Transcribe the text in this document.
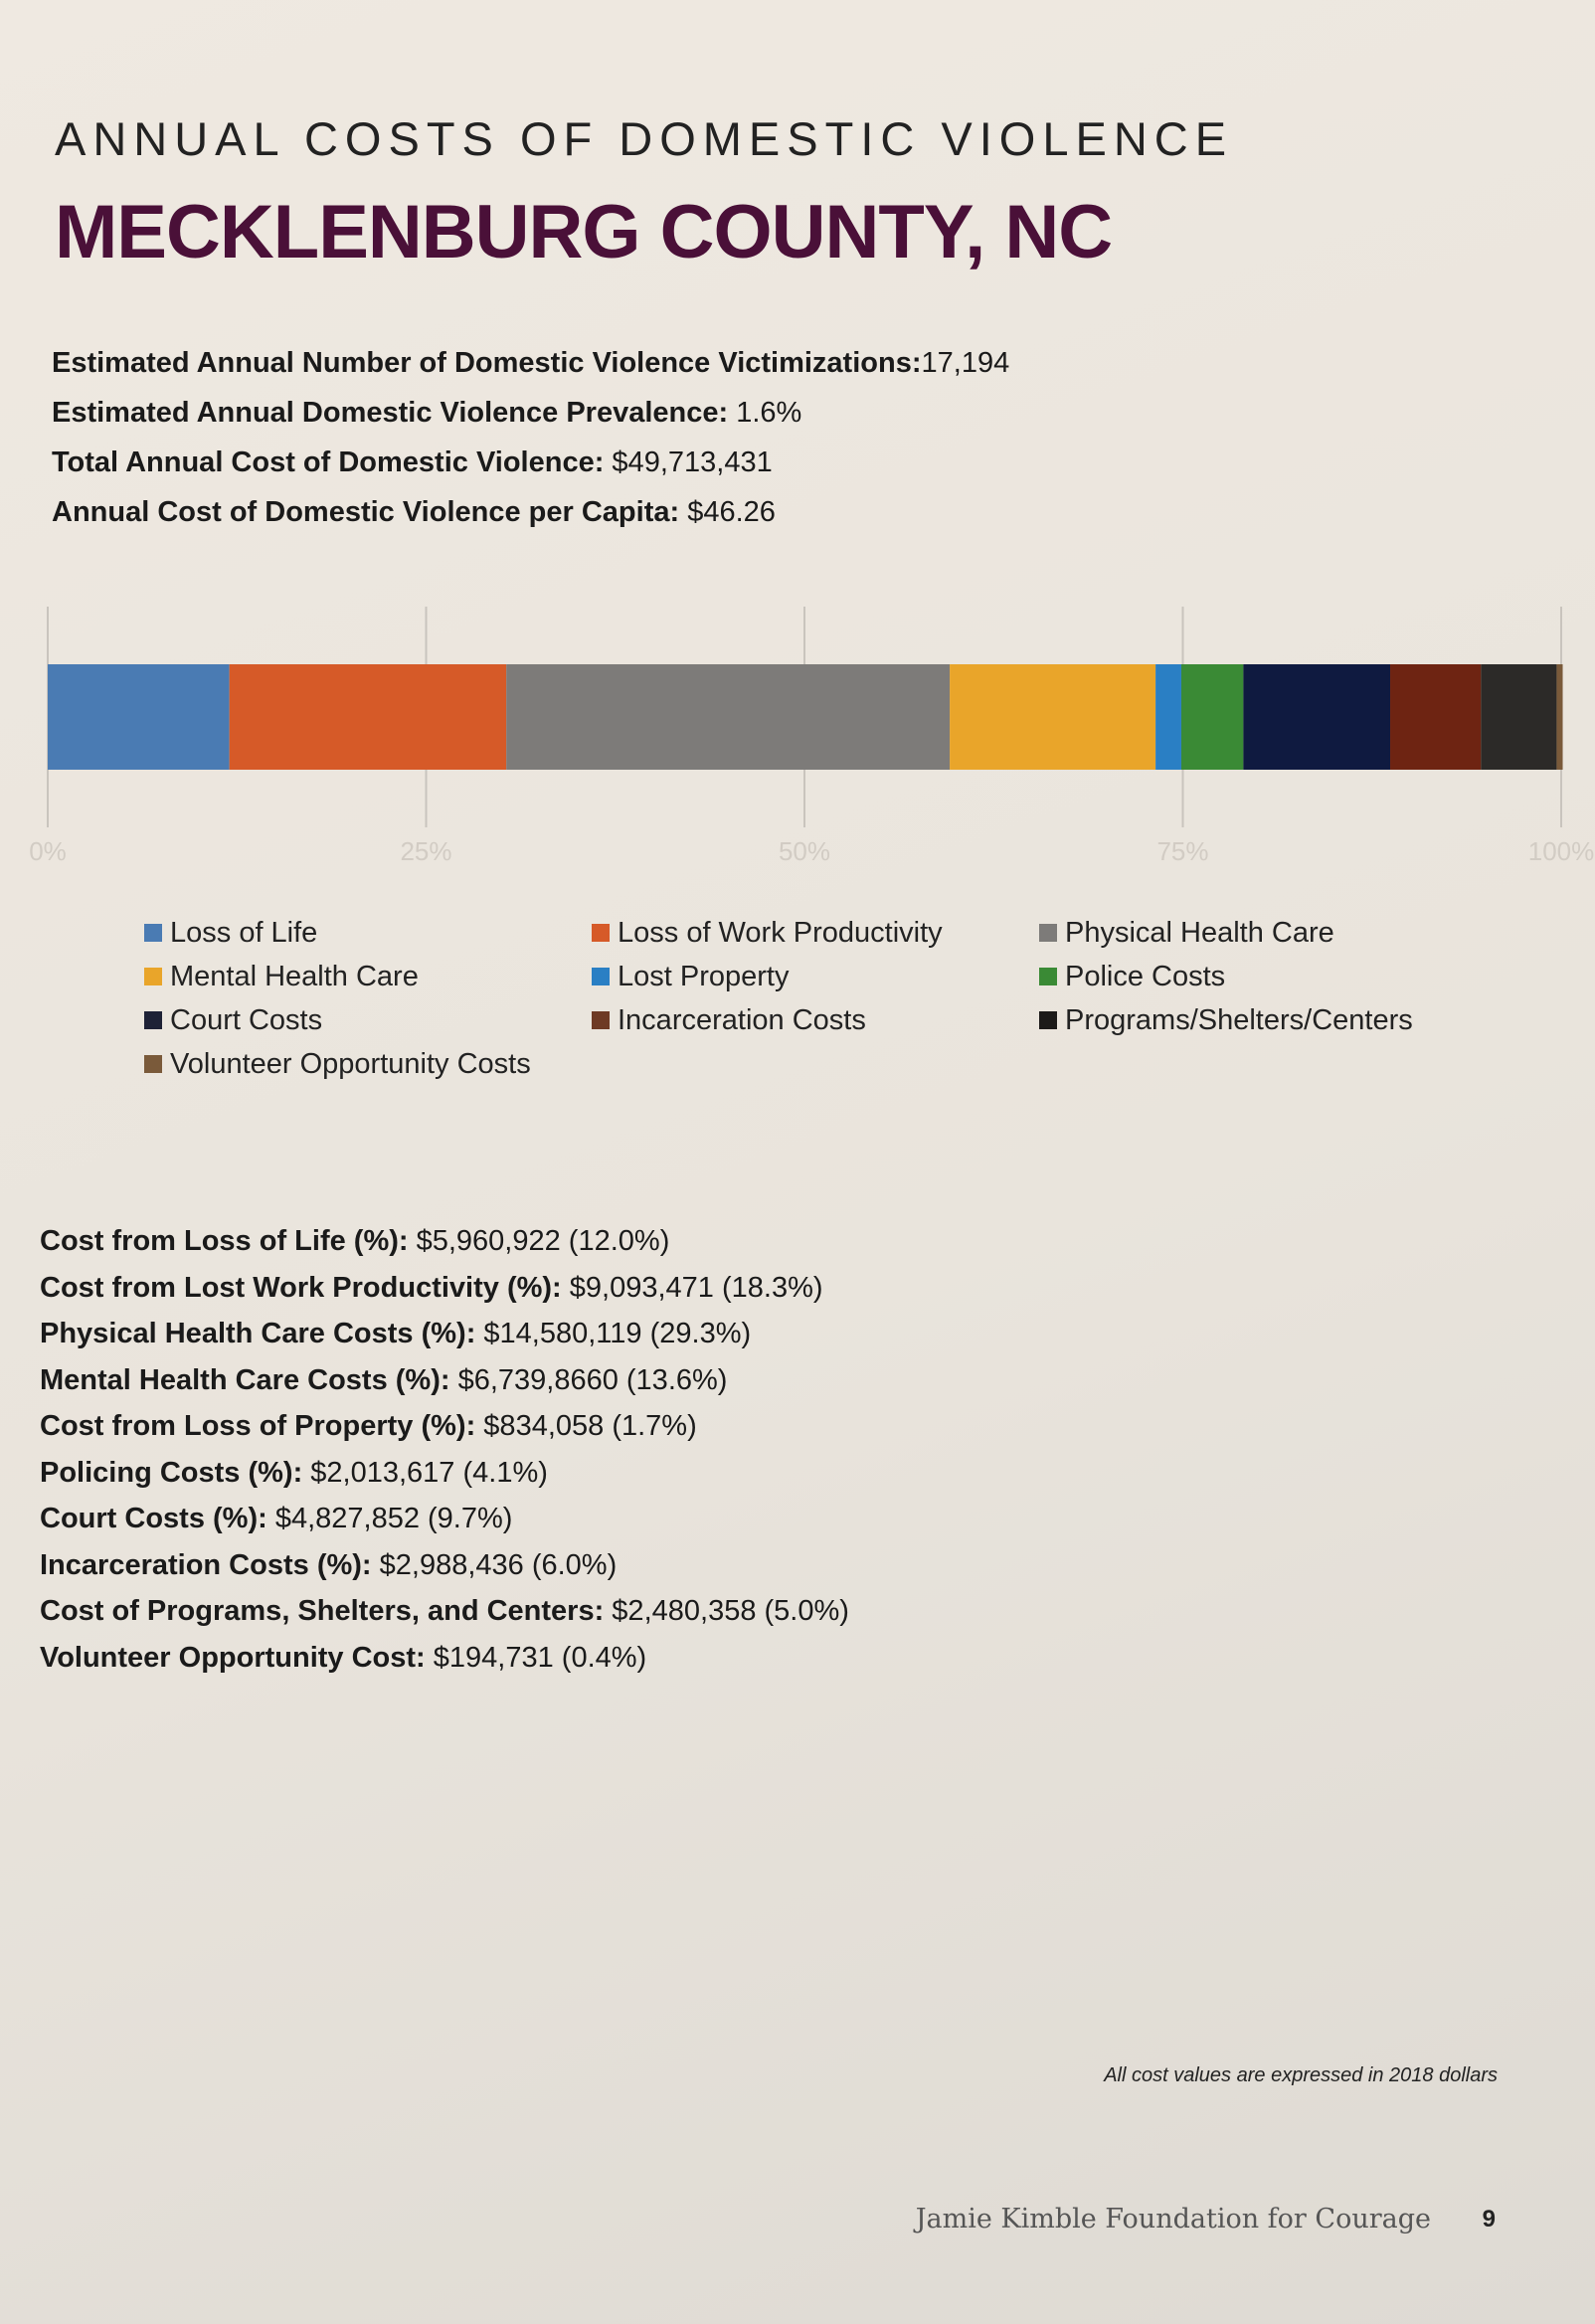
ANNUAL COSTS OF DOMESTIC VIOLENCE
MECKLENBURG COUNTY, NC
Estimated Annual Number of Domestic Violence Victimizations:17,194
Estimated Annual Domestic Violence Prevalence: 1.6%
Total Annual Cost of Domestic Violence: $49,713,431
Annual Cost of Domestic Violence per Capita: $46.26
0%	25%	50%	75%	100%
Loss of Life	Loss of Work Productivity	Physical Health Care
Mental Health Care	Lost Property	Police Costs
Court Costs	Incarceration Costs	Programs/Shelters/Centers
Volunteer Opportunity Costs
Cost from Loss of Life (%): $5,960,922 (12.0%)
Cost from Lost Work Productivity (%): $9,093,471 (18.3%)
Physical Health Care Costs (%): $14,580,119 (29.3%)
Mental Health Care Costs (%): $6,739,8660 (13.6%)
Cost from Loss of Property (%): $834,058 (1.7%)
Policing Costs (%): $2,013,617 (4.1%)
Court Costs (%): $4,827,852 (9.7%)
Incarceration Costs (%): $2,988,436 (6.0%)
Cost of Programs, Shelters, and Centers: $2,480,358 (5.0%)
Volunteer Opportunity Cost: $194,731 (0.4%)
All cost values are expressed in 2018 dollars
Jamie Kimble Foundation for Courage 9
